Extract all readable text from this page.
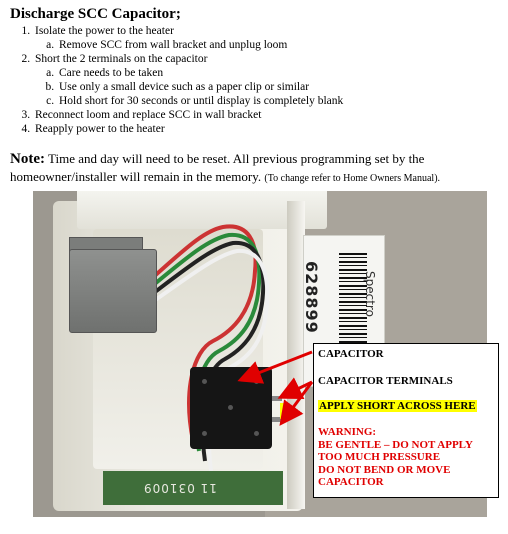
Discharge SCC Capacitor;
1. Isolate the power to the heater
a. Remove SCC from wall bracket and unplug loom
2. Short the 2 terminals on the capacitor
a. Care needs to be taken
b. Use only a small device such as a paper clip or similar
c. Hold short for 30 seconds or until display is completely blank
3. Reconnect loom and replace SCC in wall bracket
4. Reapply power to the heater
Note: Time and day will need to be reset. All previous programming set by the homeowner/installer will remain in the memory. (To change refer to Home Owners Manual).
628899	Spectro
11 031009
CAPACITOR
CAPACITOR TERMINALS
APPLY SHORT ACROSS HERE
WARNING:
BE GENTLE – DO NOT APPLY
TOO MUCH PRESSURE
DO NOT BEND OR MOVE
CAPACITOR
